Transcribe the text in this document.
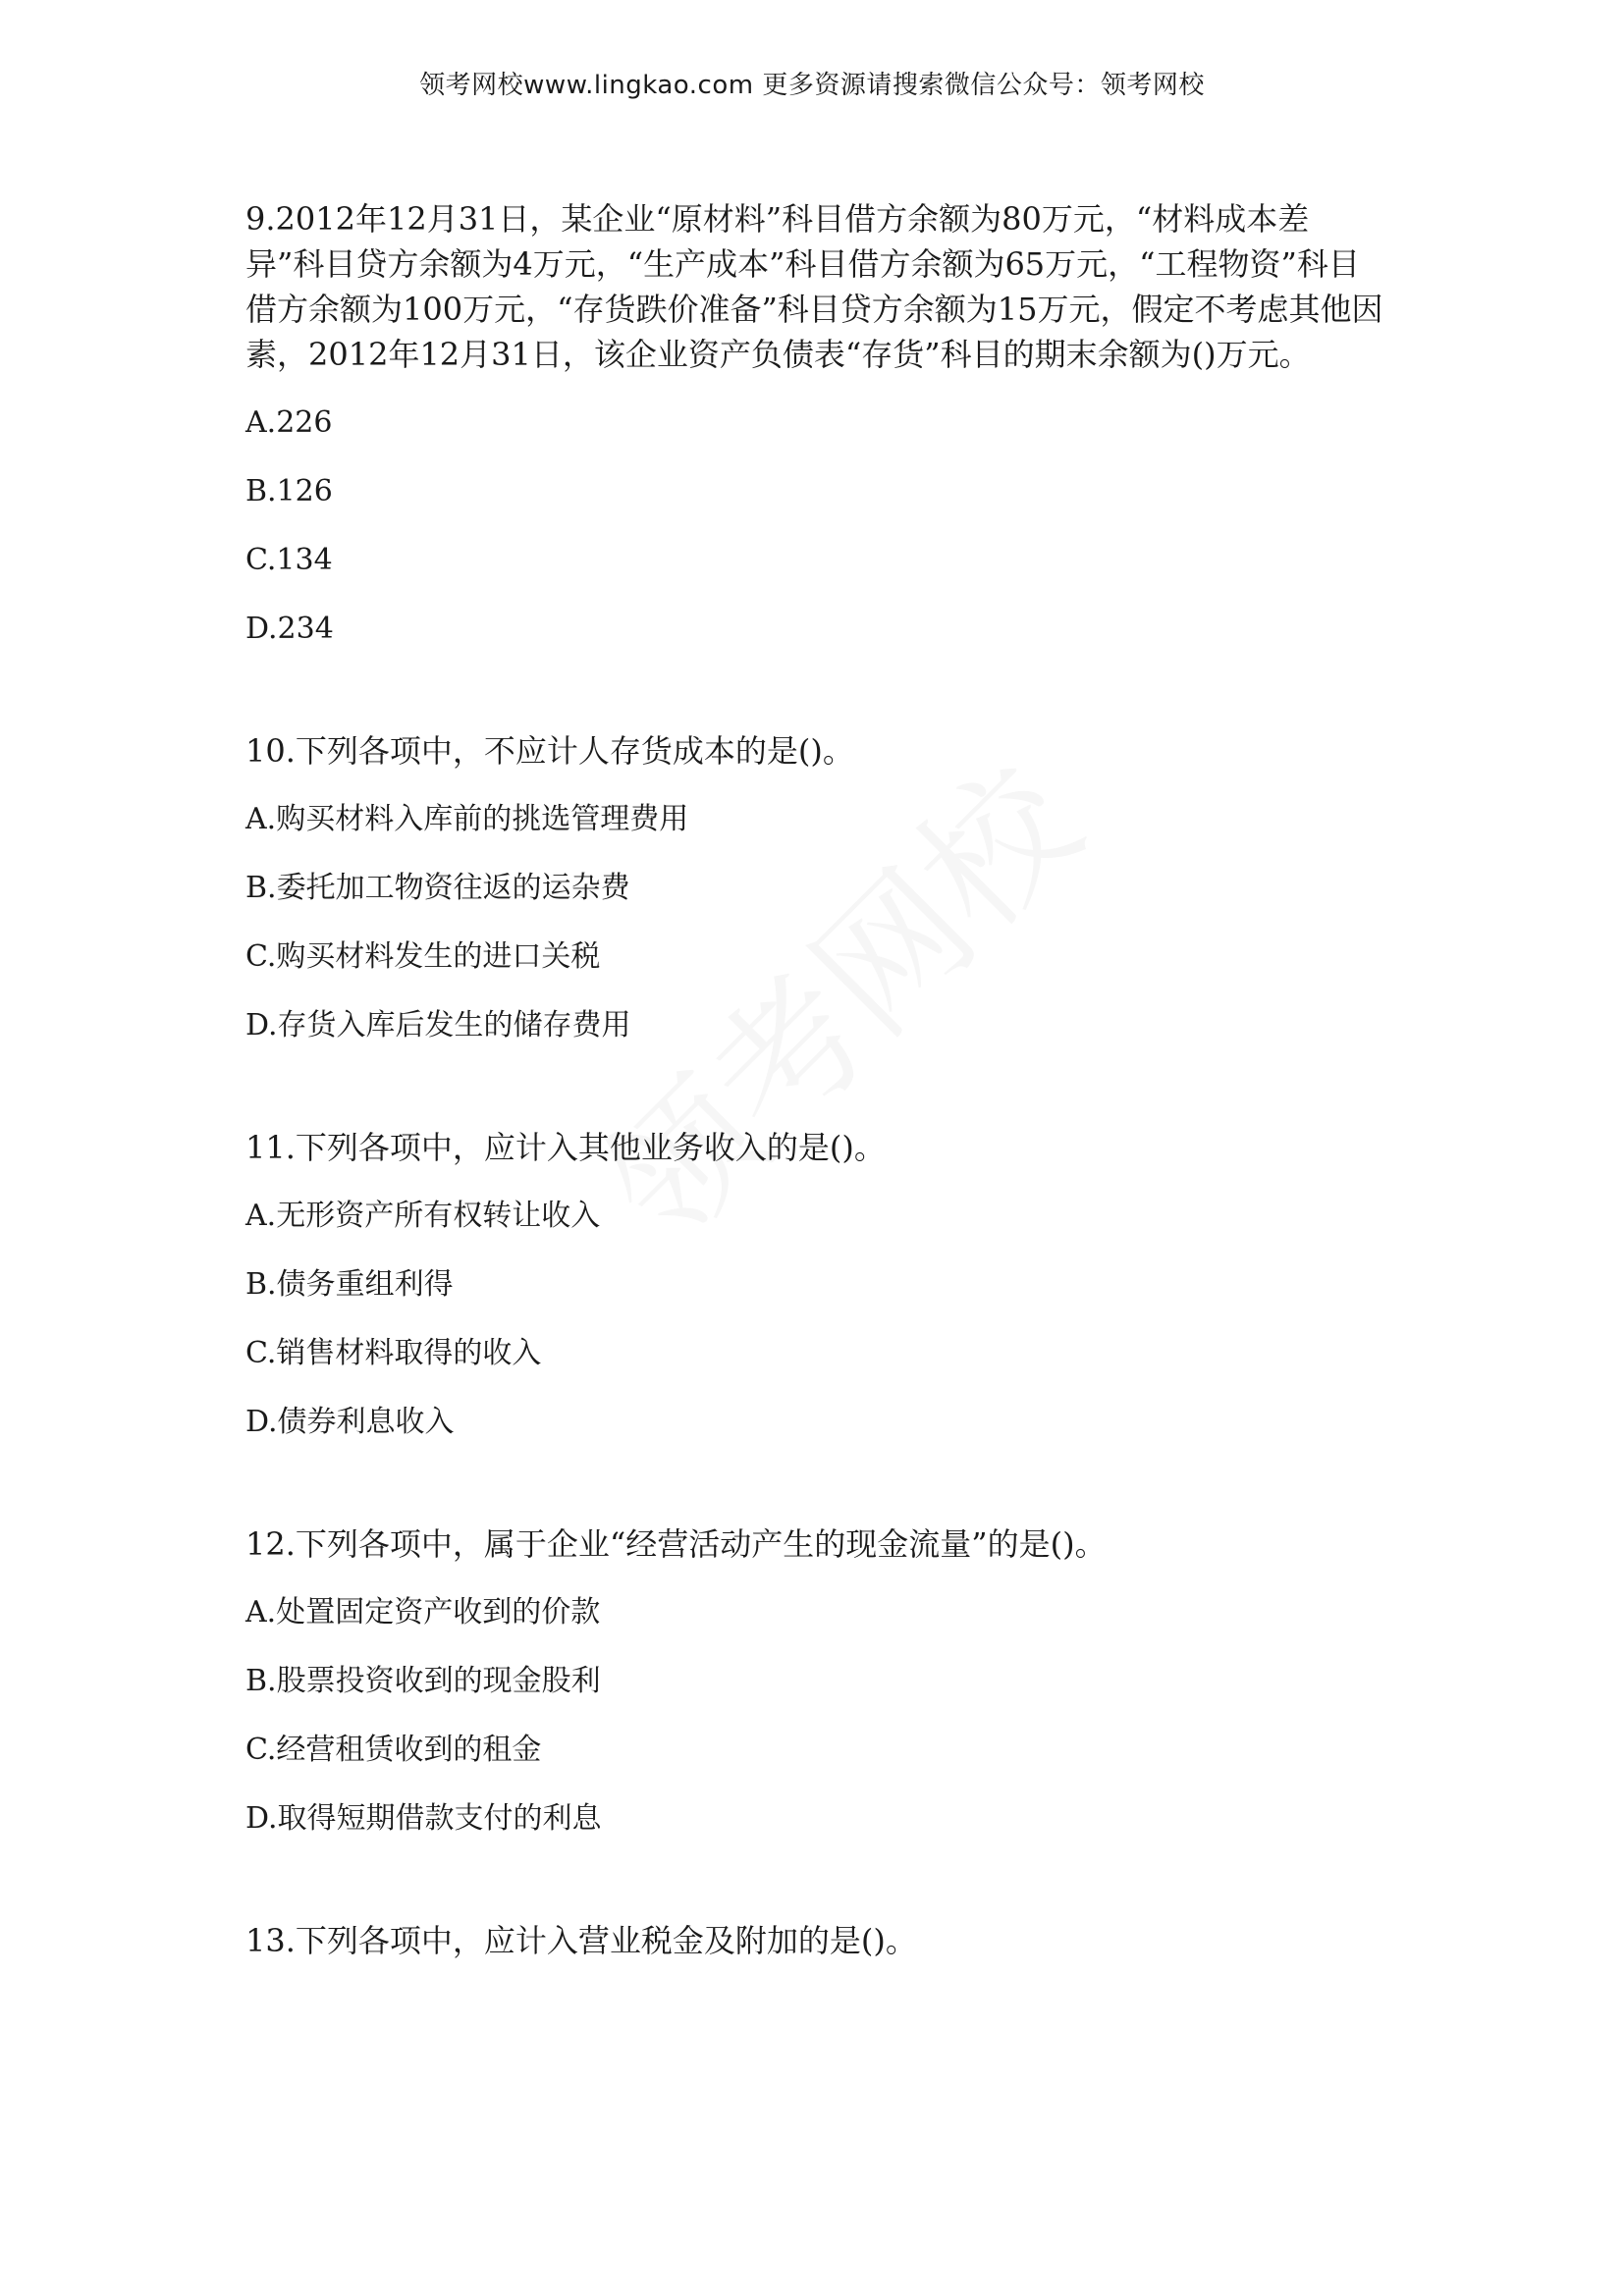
领考网校www.lingkao.com 更多资源请搜索微信公众号：领考网校

9.2012年12月31日，某企业“原材料”科目借方余额为80万元，“材料成本差异”科目贷方余额为4万元，“生产成本”科目借方余额为65万元，“工程物资”科目借方余额为100万元，“存货跌价准备”科目贷方余额为15万元，假定不考虑其他因素，2012年12月31日，该企业资产负债表“存货”科目的期末余额为()万元。

A.226
B.126
C.134
D.234

10.下列各项中，不应计人存货成本的是()。

A.购买材料入库前的挑选管理费用
B.委托加工物资往返的运杂费
C.购买材料发生的进口关税
D.存货入库后发生的储存费用

11.下列各项中，应计入其他业务收入的是()。

A.无形资产所有权转让收入
B.债务重组利得
C.销售材料取得的收入
D.债券利息收入

12.下列各项中，属于企业“经营活动产生的现金流量”的是()。

A.处置固定资产收到的价款
B.股票投资收到的现金股利
C.经营租赁收到的租金
D.取得短期借款支付的利息

13.下列各项中，应计入营业税金及附加的是()。
